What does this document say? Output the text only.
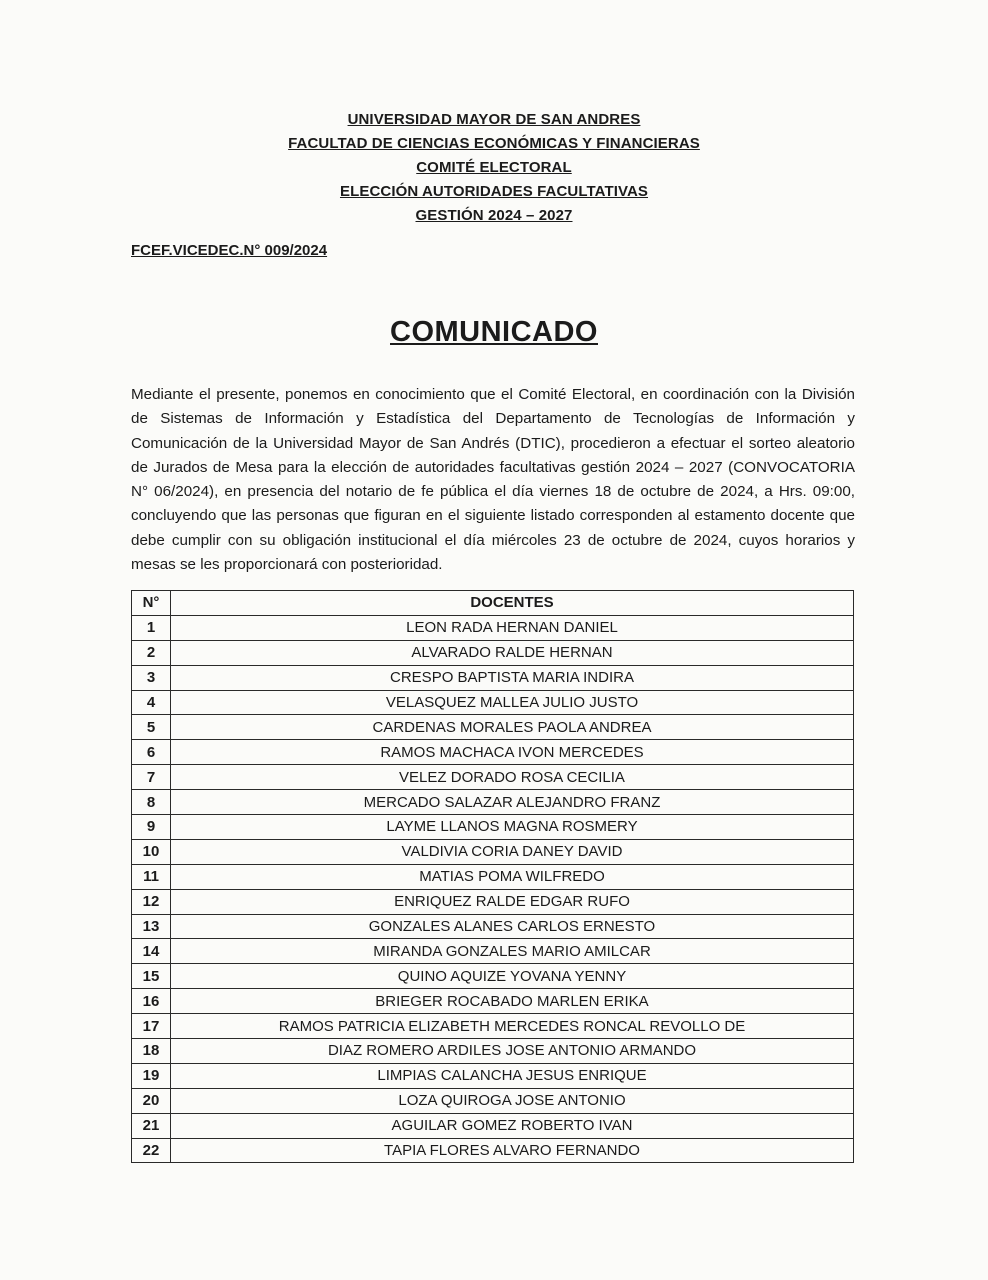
UNIVERSIDAD MAYOR DE SAN ANDRES
FACULTAD DE CIENCIAS ECONÓMICAS Y FINANCIERAS
COMITÉ ELECTORAL
ELECCIÓN AUTORIDADES FACULTATIVAS
GESTIÓN 2024 – 2027
FCEF.VICEDEC.N° 009/2024
COMUNICADO
Mediante el presente, ponemos en conocimiento que el Comité Electoral, en coordinación con la División de Sistemas de Información y Estadística del Departamento de Tecnologías de Información y Comunicación de la Universidad Mayor de San Andrés (DTIC), procedieron a efectuar el sorteo aleatorio de Jurados de Mesa para la elección de autoridades facultativas gestión 2024 – 2027 (CONVOCATORIA N° 06/2024), en presencia del notario de fe pública el día viernes 18 de octubre de 2024, a Hrs. 09:00, concluyendo que las personas que figuran en el siguiente listado corresponden al estamento docente que debe cumplir con su obligación institucional el día miércoles 23 de octubre de 2024, cuyos horarios y mesas se les proporcionará con posterioridad.
N°	DOCENTES
1	LEON RADA HERNAN DANIEL
2	ALVARADO RALDE HERNAN
3	CRESPO BAPTISTA MARIA INDIRA
4	VELASQUEZ MALLEA JULIO JUSTO
5	CARDENAS MORALES PAOLA ANDREA
6	RAMOS MACHACA IVON MERCEDES
7	VELEZ DORADO ROSA CECILIA
8	MERCADO SALAZAR ALEJANDRO FRANZ
9	LAYME LLANOS MAGNA ROSMERY
10	VALDIVIA CORIA DANEY DAVID
11	MATIAS POMA WILFREDO
12	ENRIQUEZ RALDE EDGAR RUFO
13	GONZALES ALANES CARLOS ERNESTO
14	MIRANDA GONZALES MARIO AMILCAR
15	QUINO AQUIZE YOVANA YENNY
16	BRIEGER ROCABADO MARLEN ERIKA
17	RAMOS PATRICIA ELIZABETH MERCEDES RONCAL REVOLLO DE
18	DIAZ ROMERO ARDILES JOSE ANTONIO ARMANDO
19	LIMPIAS CALANCHA JESUS ENRIQUE
20	LOZA QUIROGA JOSE ANTONIO
21	AGUILAR GOMEZ ROBERTO IVAN
22	TAPIA FLORES ALVARO FERNANDO
